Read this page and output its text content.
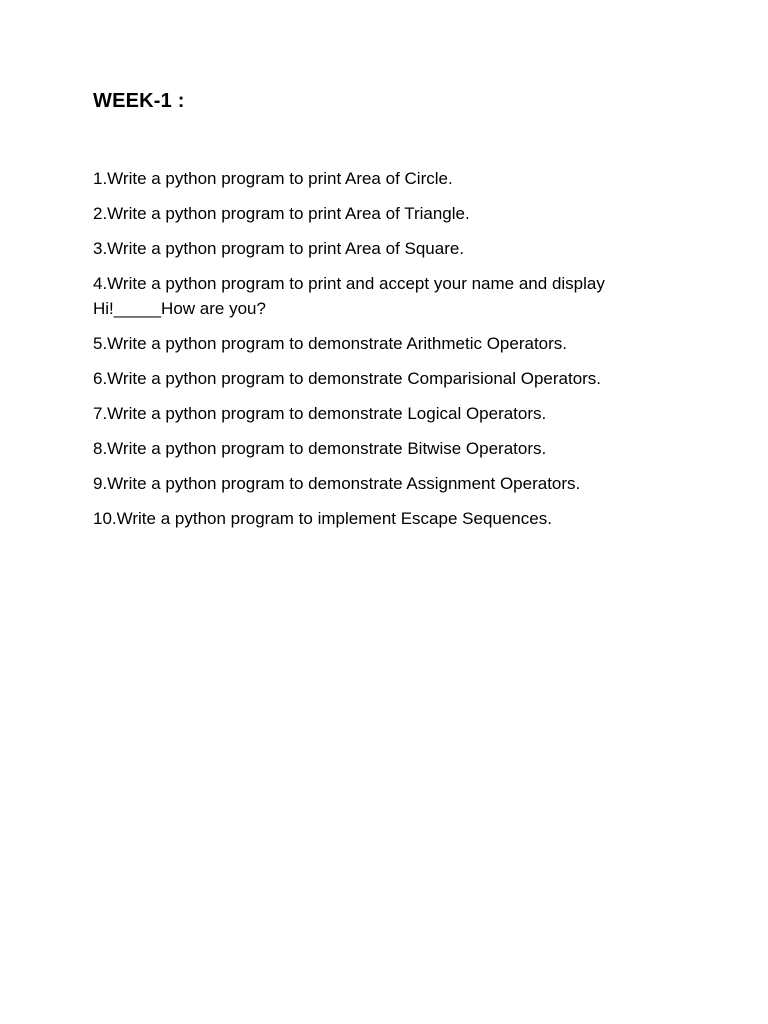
WEEK-1 :
1.Write a python program to print Area of Circle.
2.Write a python program to print Area of Triangle.
3.Write a python program to print Area of Square.
4.Write a python program to print and accept your name and display Hi!_____How are you?
5.Write a python program to demonstrate Arithmetic Operators.
6.Write a python program to demonstrate Comparisional Operators.
7.Write a python program to demonstrate Logical Operators.
8.Write a python program to demonstrate Bitwise Operators.
9.Write a python program to demonstrate Assignment Operators.
10.Write a python program to implement Escape Sequences.
